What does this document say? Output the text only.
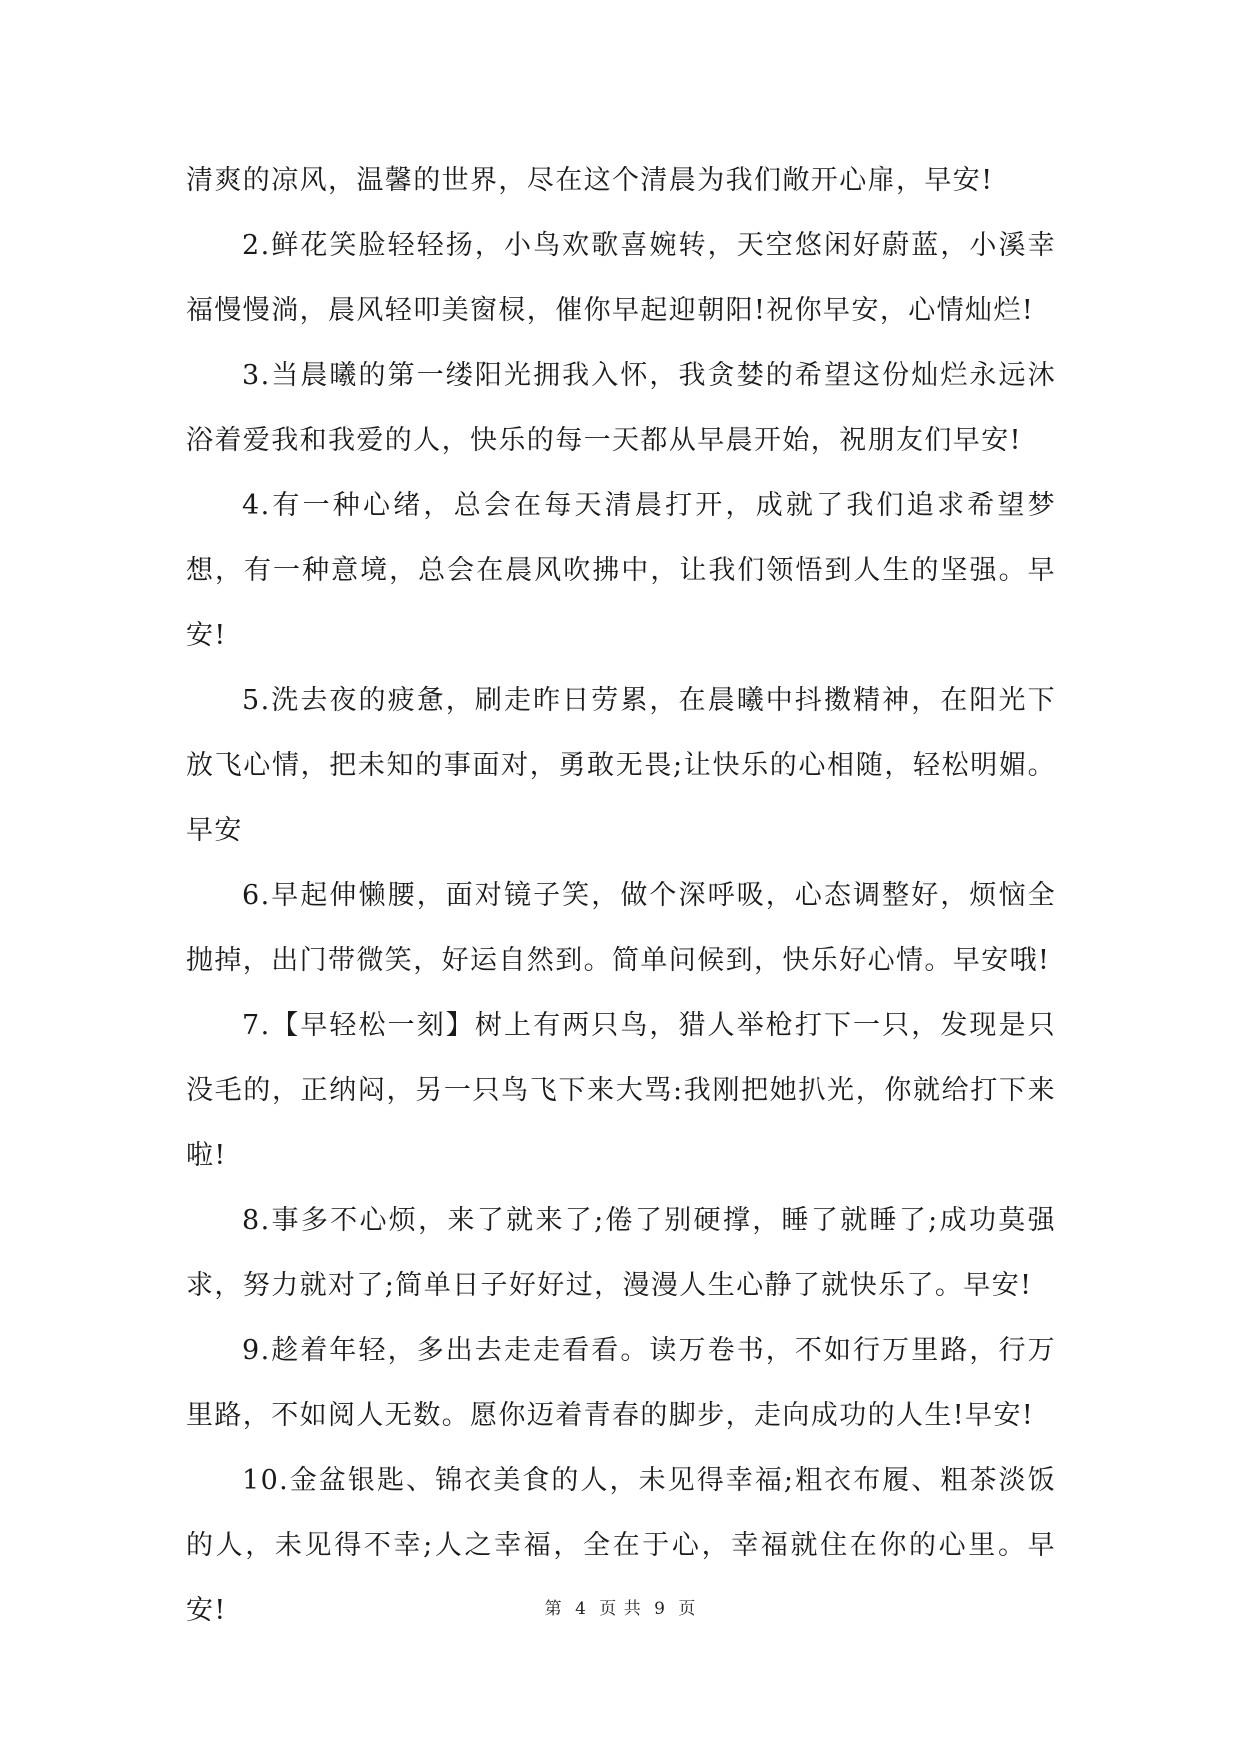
清爽的凉风，温馨的世界，尽在这个清晨为我们敞开心扉，早安!

2.鲜花笑脸轻轻扬，小鸟欢歌喜婉转，天空悠闲好蔚蓝，小溪幸福慢慢淌，晨风轻叩美窗棂，催你早起迎朝阳!祝你早安，心情灿烂!

3.当晨曦的第一缕阳光拥我入怀，我贪婪的希望这份灿烂永远沐浴着爱我和我爱的人，快乐的每一天都从早晨开始，祝朋友们早安!

4.有一种心绪，总会在每天清晨打开，成就了我们追求希望梦想，有一种意境，总会在晨风吹拂中，让我们领悟到人生的坚强。早安!

5.洗去夜的疲惫，刷走昨日劳累，在晨曦中抖擞精神，在阳光下放飞心情，把未知的事面对，勇敢无畏;让快乐的心相随，轻松明媚。早安

6.早起伸懒腰，面对镜子笑，做个深呼吸，心态调整好，烦恼全抛掉，出门带微笑，好运自然到。简单问候到，快乐好心情。早安哦!

7.【早轻松一刻】树上有两只鸟，猎人举枪打下一只，发现是只没毛的，正纳闷，另一只鸟飞下来大骂:我刚把她扒光，你就给打下来啦!

8.事多不心烦，来了就来了;倦了别硬撑，睡了就睡了;成功莫强求，努力就对了;简单日子好好过，漫漫人生心静了就快乐了。早安!

9.趁着年轻，多出去走走看看。读万卷书，不如行万里路，行万里路，不如阅人无数。愿你迈着青春的脚步，走向成功的人生!早安!

10.金盆银匙、锦衣美食的人，未见得幸福;粗衣布履、粗茶淡饭的人，未见得不幸;人之幸福，全在于心，幸福就住在你的心里。早安!	第 4 页 共 9 页
